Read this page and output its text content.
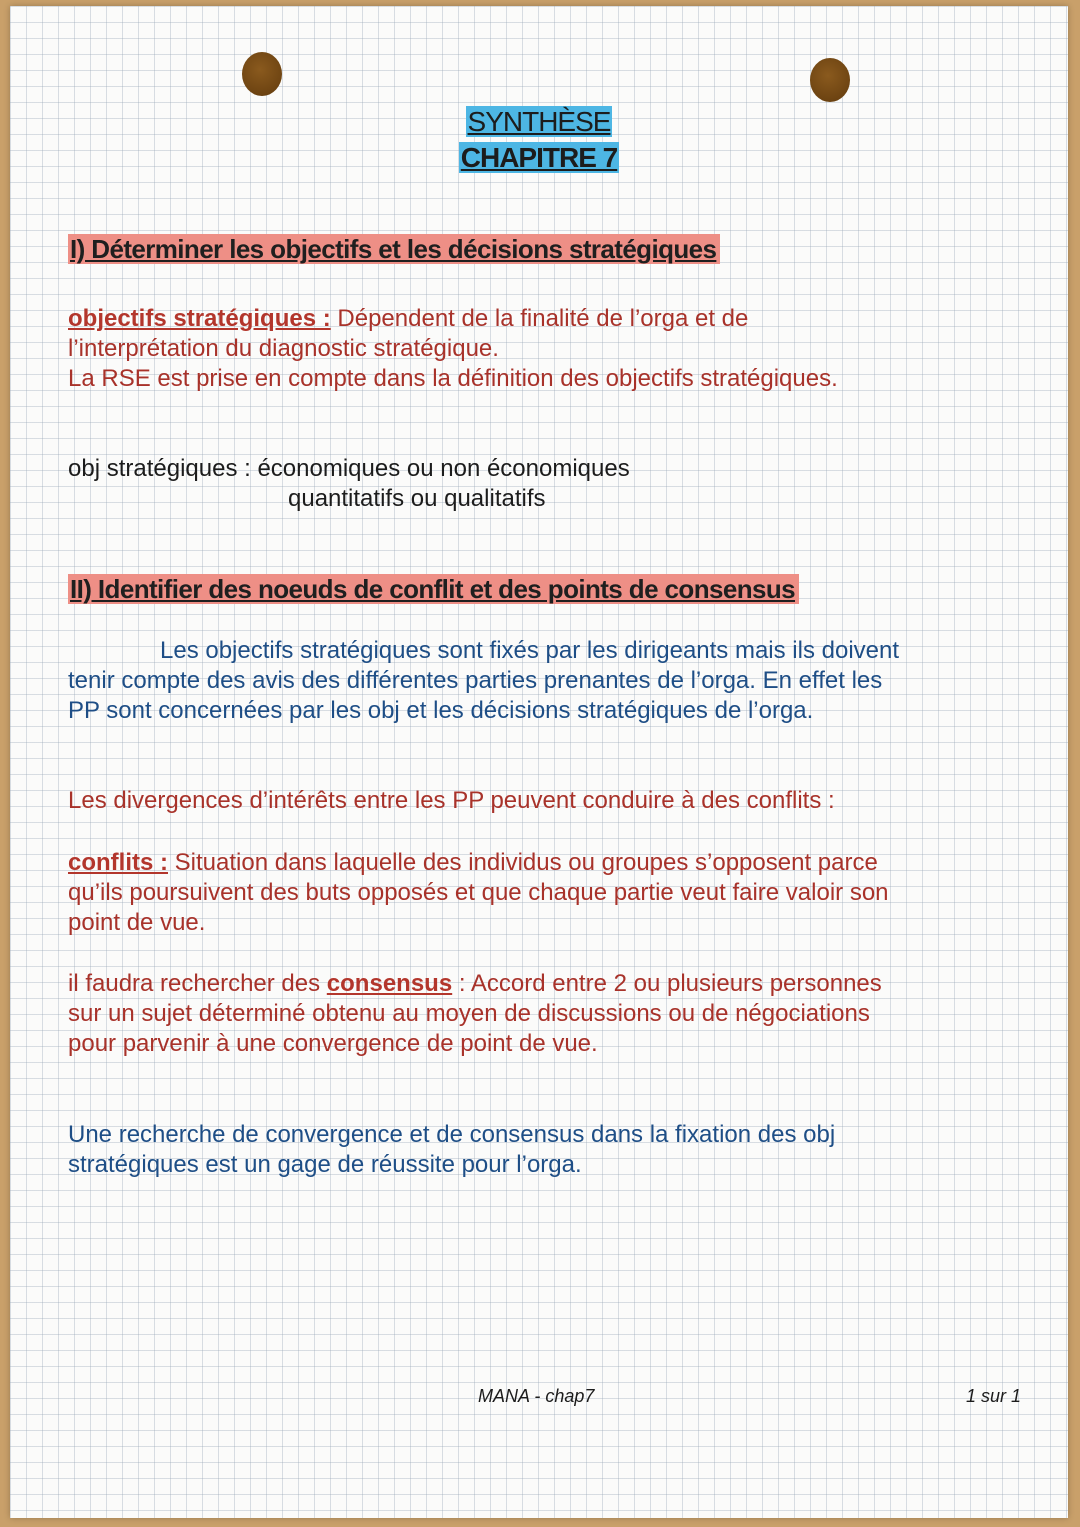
SYNTHÈSE
CHAPITRE 7
I) Déterminer les objectifs et les décisions stratégiques
objectifs stratégiques : Dépendent de la finalité de l’orga et de
l’interprétation du diagnostic stratégique.
La RSE est prise en compte dans la définition des objectifs stratégiques.
obj stratégiques : économiques ou non économiques
quantitatifs ou qualitatifs
II) Identifier des noeuds de conflit et des points de consensus
Les objectifs stratégiques sont fixés par les dirigeants mais ils doivent
tenir compte des avis des différentes parties prenantes de l’orga. En effet les
PP sont concernées par les obj et les décisions stratégiques de l’orga.
Les divergences d’intérêts entre les PP peuvent conduire à des conflits :
conflits : Situation dans laquelle des individus ou groupes s’opposent parce
qu’ils poursuivent des buts opposés et que chaque partie veut faire valoir son
point de vue.
il faudra rechercher des consensus : Accord entre 2 ou plusieurs personnes
sur un sujet déterminé obtenu au moyen de discussions ou de négociations
pour parvenir à une convergence de point de vue.
Une recherche de convergence et de consensus dans la fixation des obj
stratégiques est un gage de réussite pour l’orga.
MANA - chap7	1 sur 1
